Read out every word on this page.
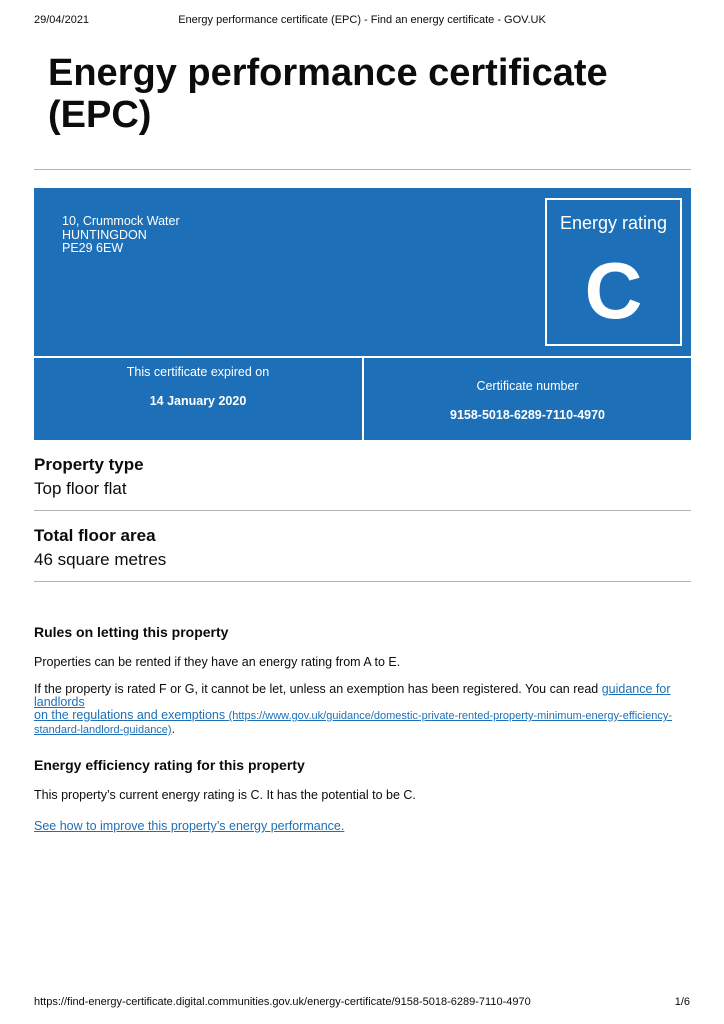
29/04/2021	Energy performance certificate (EPC) - Find an energy certificate - GOV.UK
Energy performance certificate
(EPC)
10, Crummock Water
HUNTINGDON
PE29 6EW
Energy rating
C
This certificate expired on
14 January 2020
Certificate number
9158-5018-6289-7110-4970
Property type
Top floor flat
Total floor area
46 square metres
Rules on letting this property
Properties can be rented if they have an energy rating from A to E.
If the property is rated F or G, it cannot be let, unless an exemption has been registered. You can read guidance for landlords
on the regulations and exemptions (https://www.gov.uk/guidance/domestic-private-rented-property-minimum-energy-efficiency-
standard-landlord-guidance).
Energy efficiency rating for this property
This property’s current energy rating is C. It has the potential to be C.
See how to improve this property’s energy performance.
https://find-energy-certificate.digital.communities.gov.uk/energy-certificate/9158-5018-6289-7110-4970	1/6
